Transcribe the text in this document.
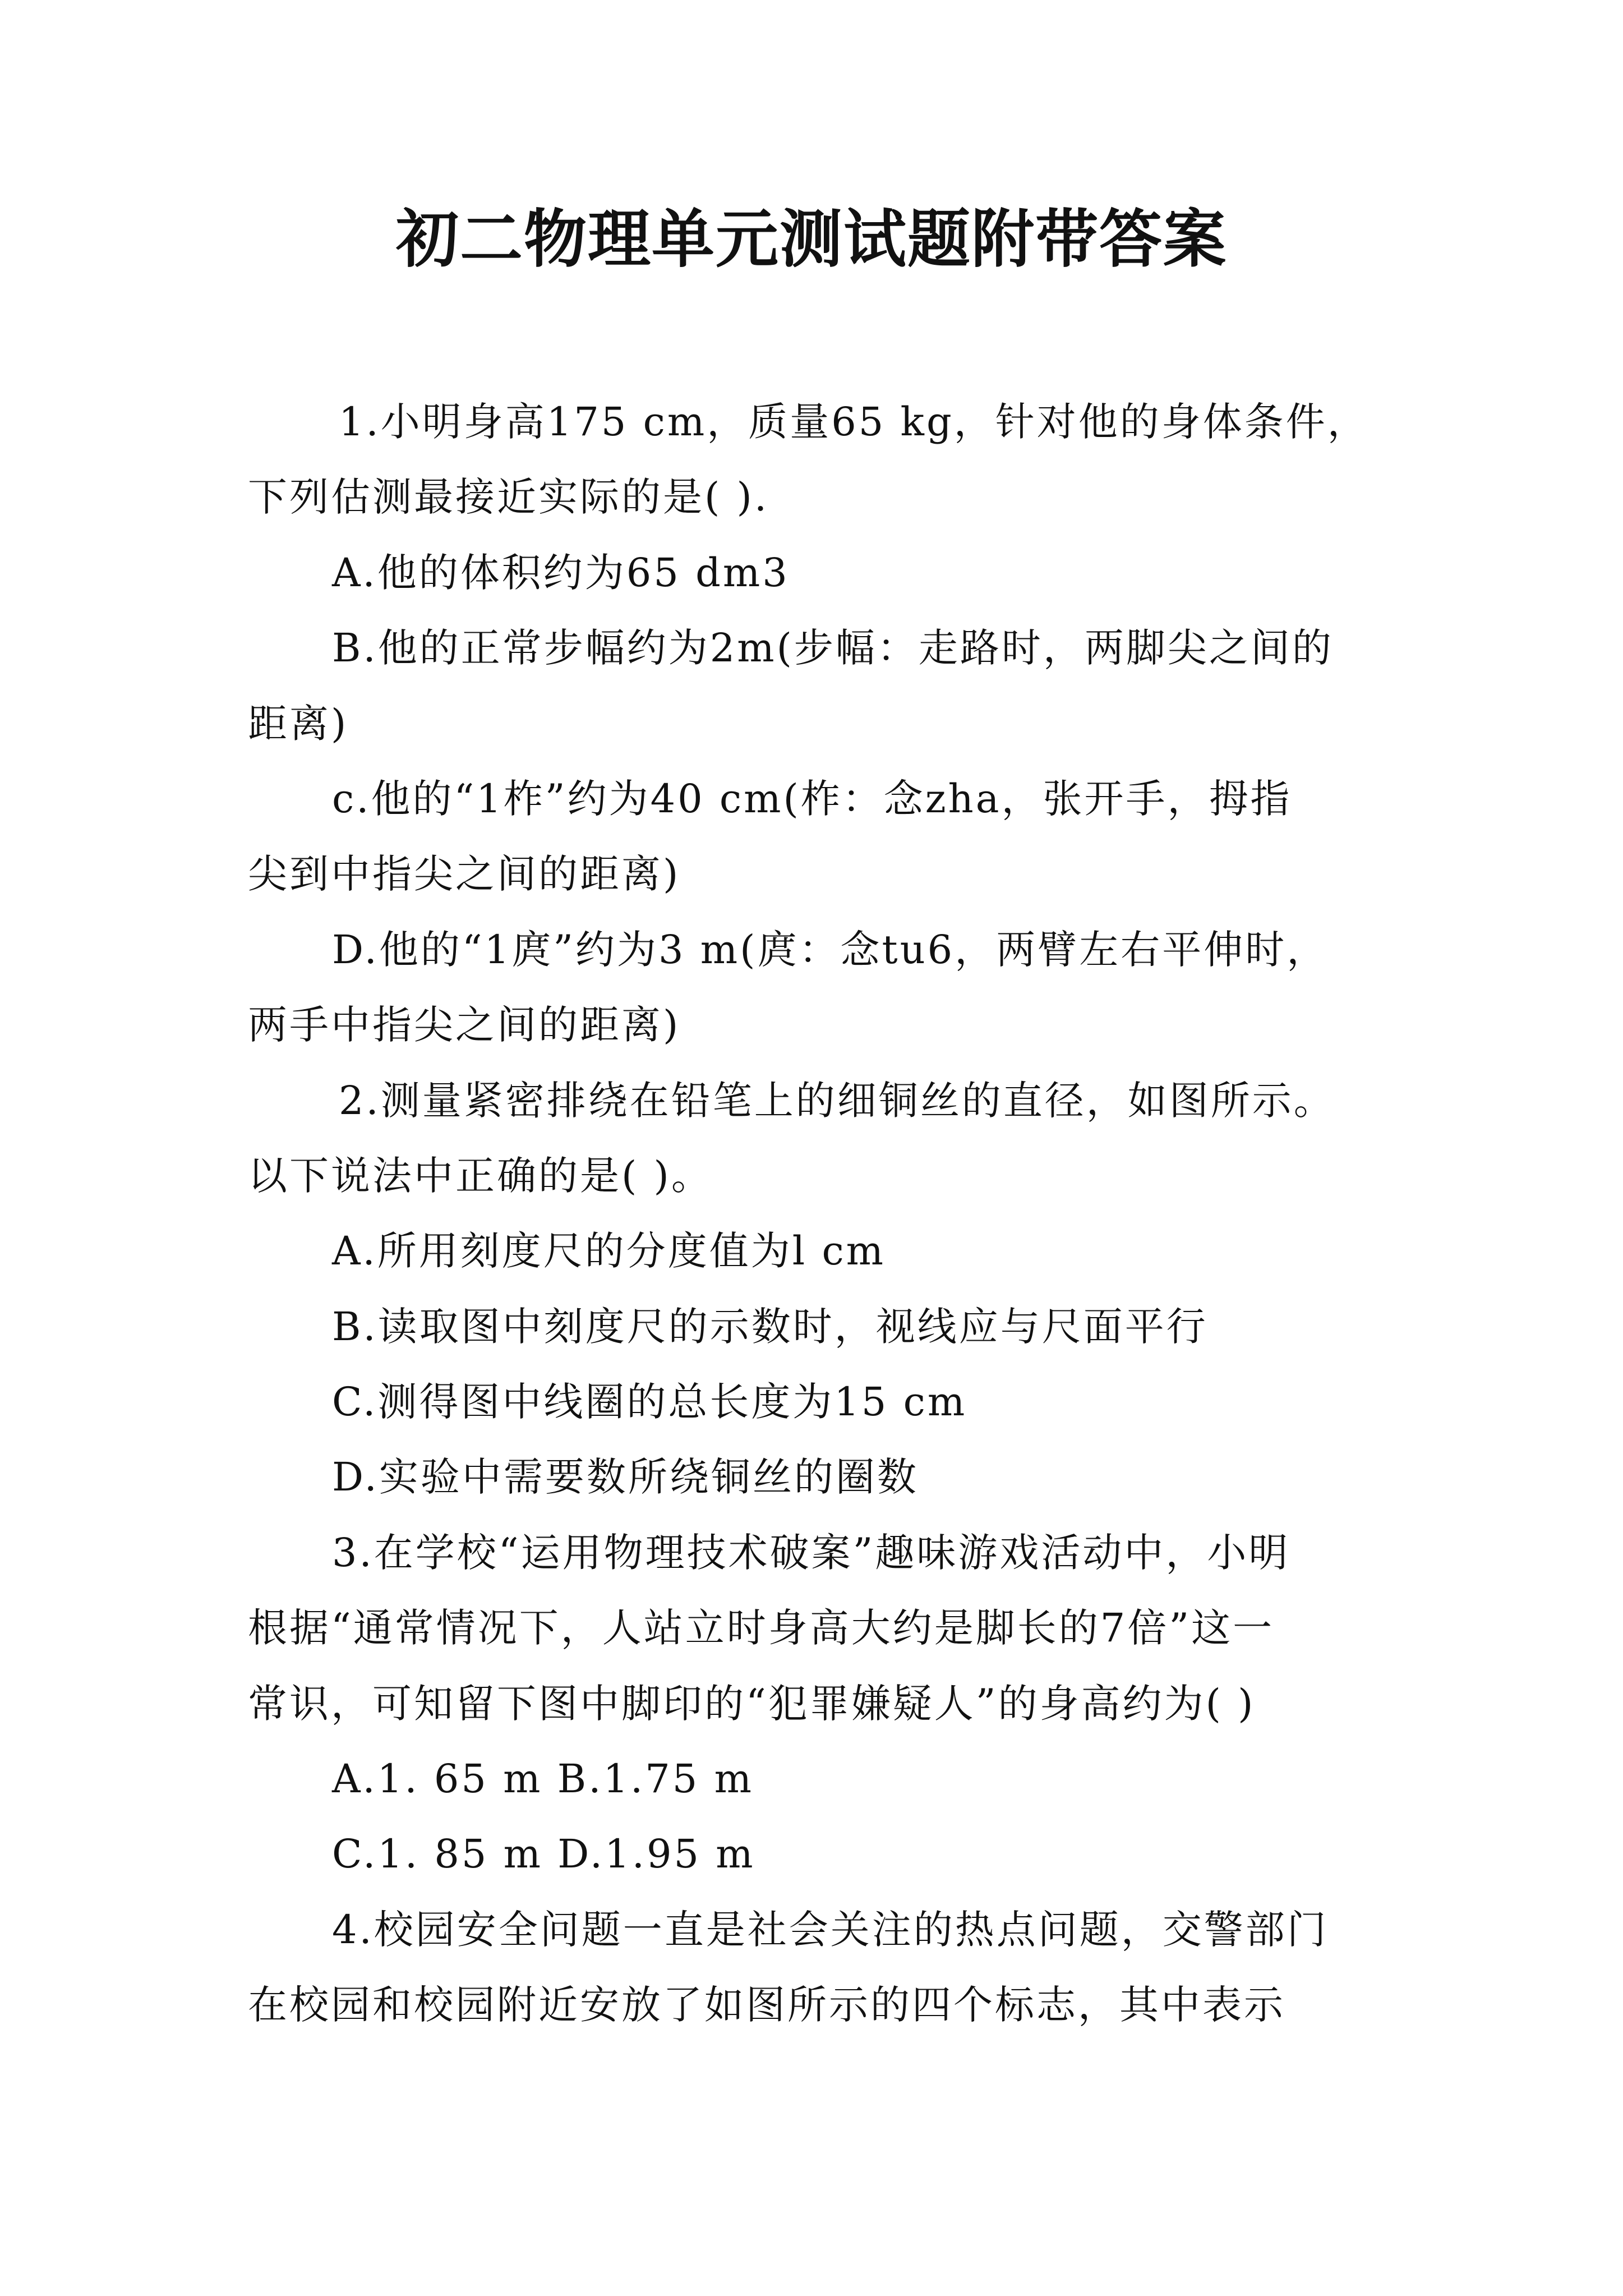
初二物理单元测试题附带答案
1.小明身高175 cm，质量65 kg，针对他的身体条件，
下列估测最接近实际的是( ).
A.他的体积约为65 dm3
B.他的正常步幅约为2m(步幅：走路时，两脚尖之间的
距离)
c.他的“1柞”约为40 cm(柞：念zha，张开手，拇指
尖到中指尖之间的距离)
D.他的“1庹”约为3 m(庹：念tu6，两臂左右平伸时，
两手中指尖之间的距离)
2.测量紧密排绕在铅笔上的细铜丝的直径，如图所示。
以下说法中正确的是( )。
A.所用刻度尺的分度值为l cm
B.读取图中刻度尺的示数时，视线应与尺面平行
C.测得图中线圈的总长度为15 cm
D.实验中需要数所绕铜丝的圈数
3.在学校“运用物理技术破案”趣味游戏活动中，小明
根据“通常情况下，人站立时身高大约是脚长的7倍”这一
常识，可知留下图中脚印的“犯罪嫌疑人”的身高约为( )
A.1. 65 m B.1.75 m
C.1. 85 m D.1.95 m
4.校园安全问题一直是社会关注的热点问题，交警部门
在校园和校园附近安放了如图所示的四个标志，其中表示
